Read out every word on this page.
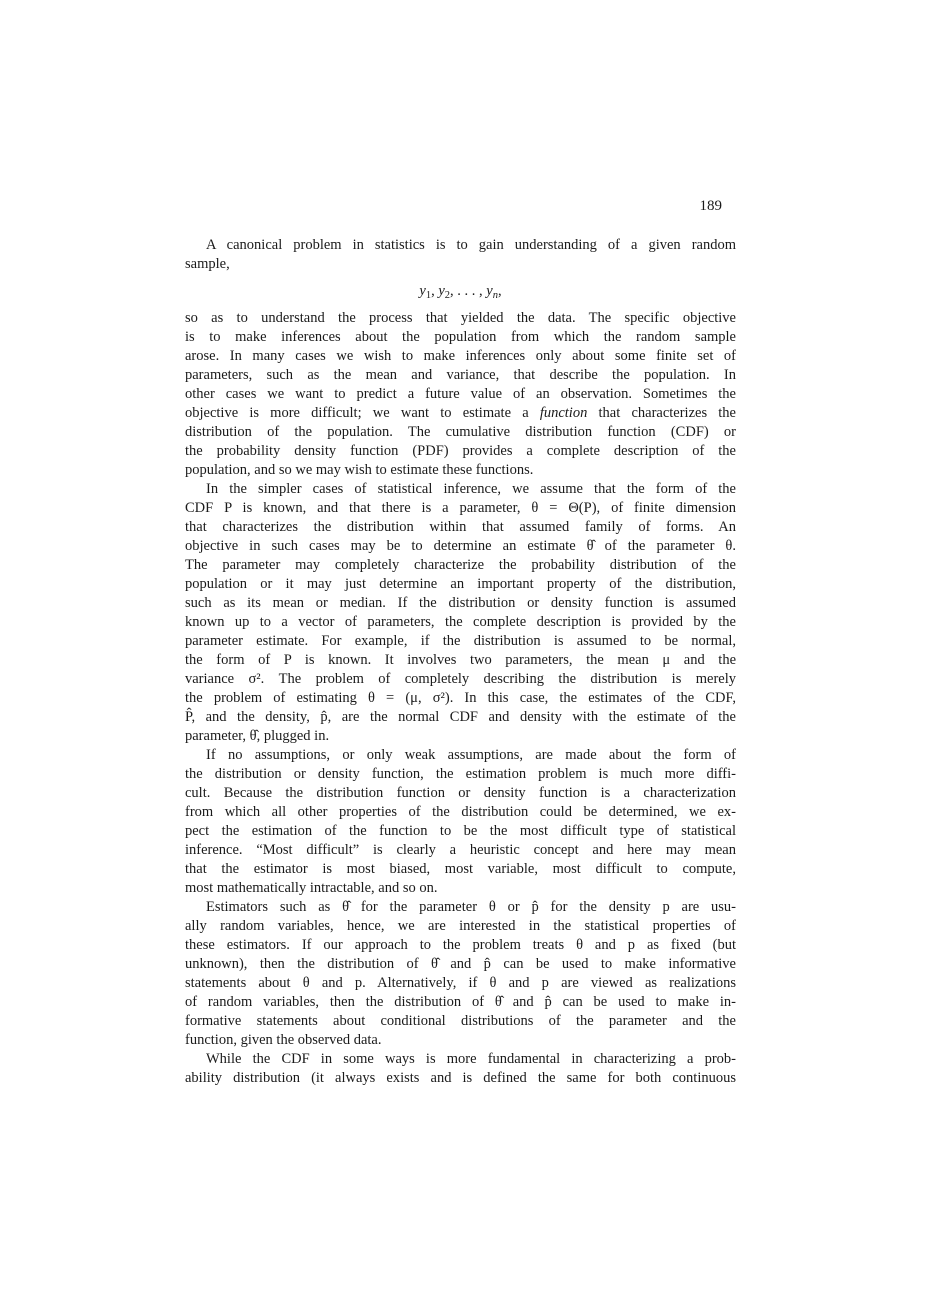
189
A canonical problem in statistics is to gain understanding of a given random
sample,
$y_1$, $y_2$, . . . , $y_n$,
so as to understand the process that yielded the data. The specific objective
is to make inferences about the population from which the random sample
arose. In many cases we wish to make inferences only about some finite set of
parameters, such as the mean and variance, that describe the population. In
other cases we want to predict a future value of an observation. Sometimes the
objective is more difficult; we want to estimate a function that characterizes the
distribution of the population. The cumulative distribution function (CDF) or
the probability density function (PDF) provides a complete description of the
population, and so we may wish to estimate these functions.
In the simpler cases of statistical inference, we assume that the form of the
CDF P is known, and that there is a parameter, θ = Θ(P), of finite dimension
that characterizes the distribution within that assumed family of forms. An
objective in such cases may be to determine an estimate θ̂ of the parameter θ.
The parameter may completely characterize the probability distribution of the
population or it may just determine an important property of the distribution,
such as its mean or median. If the distribution or density function is assumed
known up to a vector of parameters, the complete description is provided by the
parameter estimate. For example, if the distribution is assumed to be normal,
the form of P is known. It involves two parameters, the mean μ and the
variance σ². The problem of completely describing the distribution is merely
the problem of estimating θ = (μ, σ²). In this case, the estimates of the CDF,
P̂, and the density, p̂, are the normal CDF and density with the estimate of the
parameter, θ̂, plugged in.
If no assumptions, or only weak assumptions, are made about the form of
the distribution or density function, the estimation problem is much more diffi-
cult. Because the distribution function or density function is a characterization
from which all other properties of the distribution could be determined, we ex-
pect the estimation of the function to be the most difficult type of statistical
inference. “Most difficult” is clearly a heuristic concept and here may mean
that the estimator is most biased, most variable, most difficult to compute,
most mathematically intractable, and so on.
Estimators such as θ̂ for the parameter θ or p̂ for the density p are usu-
ally random variables, hence, we are interested in the statistical properties of
these estimators. If our approach to the problem treats θ and p as fixed (but
unknown), then the distribution of θ̂ and p̂ can be used to make informative
statements about θ and p. Alternatively, if θ and p are viewed as realizations
of random variables, then the distribution of θ̂ and p̂ can be used to make in-
formative statements about conditional distributions of the parameter and the
function, given the observed data.
While the CDF in some ways is more fundamental in characterizing a prob-
ability distribution (it always exists and is defined the same for both continuous
